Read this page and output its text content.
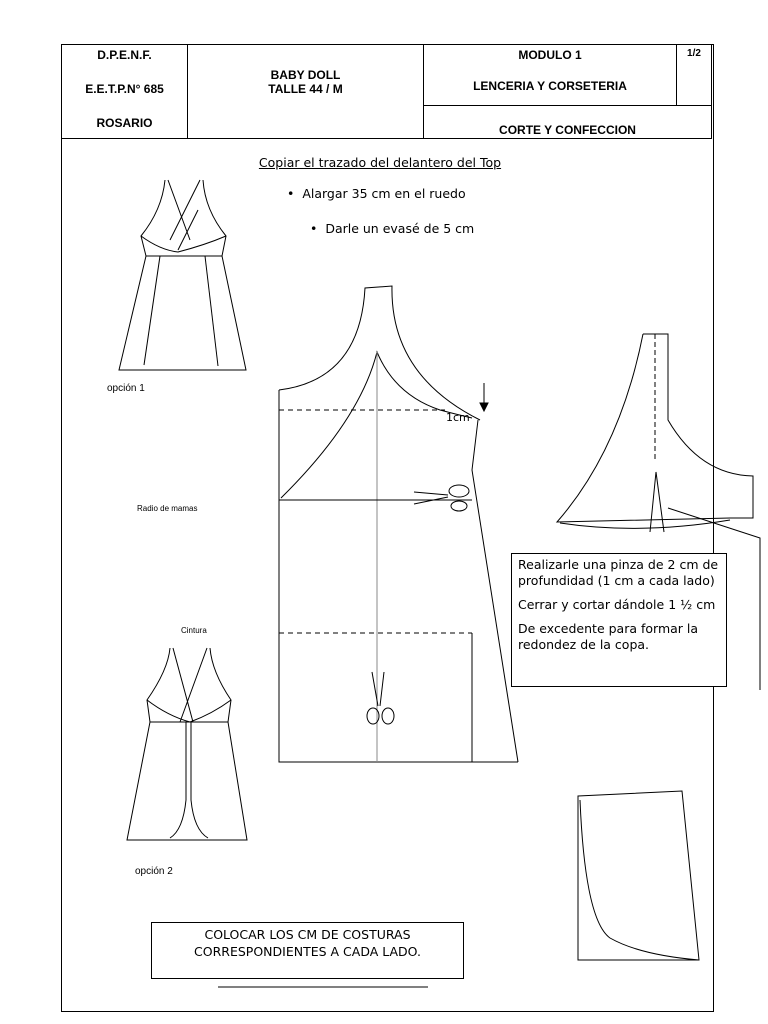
D.P.E.N.F.
E.E.T.P.N° 685
ROSARIO
BABY DOLL
TALLE 44 / M
MODULO 1
LENCERIA Y CORSETERIA
1/2
CORTE Y CONFECCION
Copiar el trazado del delantero del Top
•  Alargar 35 cm en el ruedo
•  Darle un evasé de 5 cm
opción 1
opción 2
Radio de mamas
Cintura
1cm

Realizarle una pinza de 2 cm de profundidad (1 cm a cada lado)

Cerrar y cortar dándole 1 ½ cm

De excedente para formar la redondez de la copa.

COLOCAR LOS CM DE COSTURAS
CORRESPONDIENTES A CADA LADO.
